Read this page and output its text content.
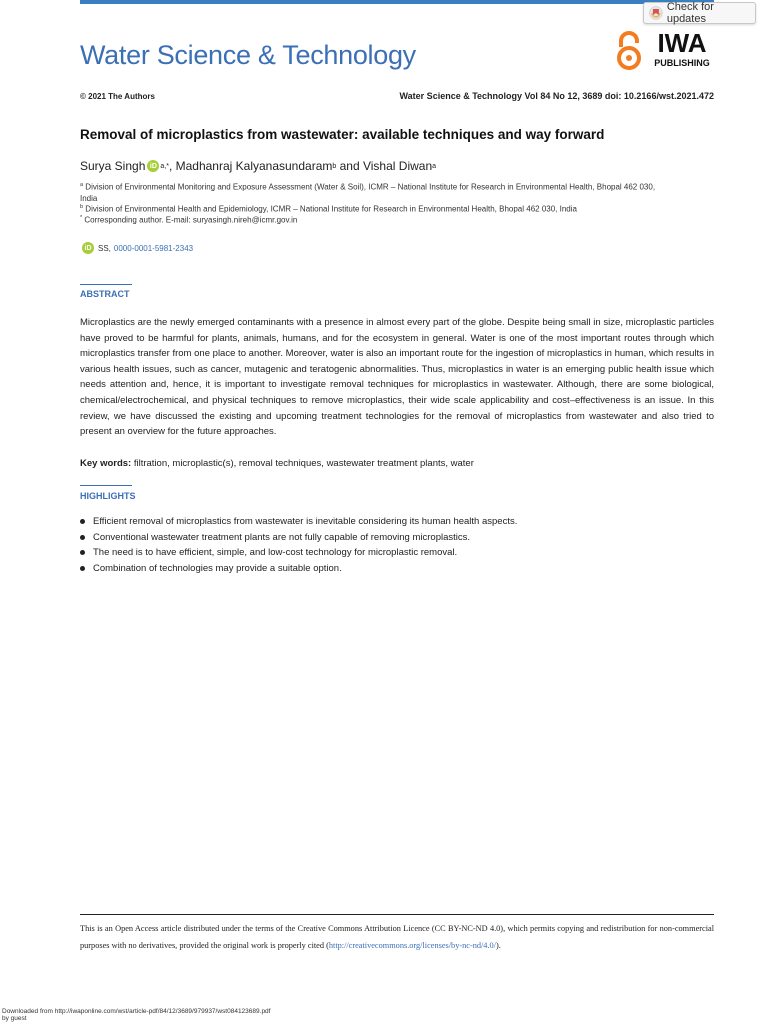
Check for updates
Water Science & Technology	IWA
PUBLISHING
© 2021 The Authors	Water Science & Technology Vol 84 No 12, 3689 doi: 10.2166/wst.2021.472
Removal of microplastics from wastewater: available techniques and way forward
Surya Singh iD a,* , Madhanraj Kalyanasundaram b and Vishal Diwan a
$^a$ Division of Environmental Monitoring and Exposure Assessment (Water & Soil), ICMR – National Institute for Research in Environmental Health, Bhopal 462 030,
India
$^b$ Division of Environmental Health and Epidemiology, ICMR – National Institute for Research in Environmental Health, Bhopal 462 030, India
* Corresponding author. E-mail: suryasingh.nireh@icmr.gov.in
iD SS, 0000-0001-5981-2343
ABSTRACT
Microplastics are the newly emerged contaminants with a presence in almost every part of the globe. Despite being small in size, microplastic particles have proved to be harmful for plants, animals, humans, and for the ecosystem in general. Water is one of the most important routes through which microplastics transfer from one place to another. Moreover, water is also an important route for the ingestion of microplastics in human, which results in various health issues, such as cancer, mutagenic and teratogenic abnormalities. Thus, microplastics in water is an emerging public health issue which needs attention and, hence, it is important to investigate removal techniques for microplastics in wastewater. Although, there are some biological, chemical/electrochemical, and physical techniques to remove microplastics, their wide scale applicability and cost–effectiveness is an issue. In this review, we have discussed the existing and upcoming treatment technologies for the removal of microplastics from wastewater and also tried to present an overview for the future approaches.
Key words: filtration, microplastic(s), removal techniques, wastewater treatment plants, water
HIGHLIGHTS
Efficient removal of microplastics from wastewater is inevitable considering its human health aspects.
Conventional wastewater treatment plants are not fully capable of removing microplastics.
The need is to have efficient, simple, and low-cost technology for microplastic removal.
Combination of technologies may provide a suitable option.
This is an Open Access article distributed under the terms of the Creative Commons Attribution Licence (CC BY-NC-ND 4.0), which permits copying and redistribution for non-commercial purposes with no derivatives, provided the original work is properly cited (http://creativecommons.org/licenses/by-nc-nd/4.0/).
Downloaded from http://iwaponline.com/wst/article-pdf/84/12/3689/979937/wst084123689.pdf
by guest
